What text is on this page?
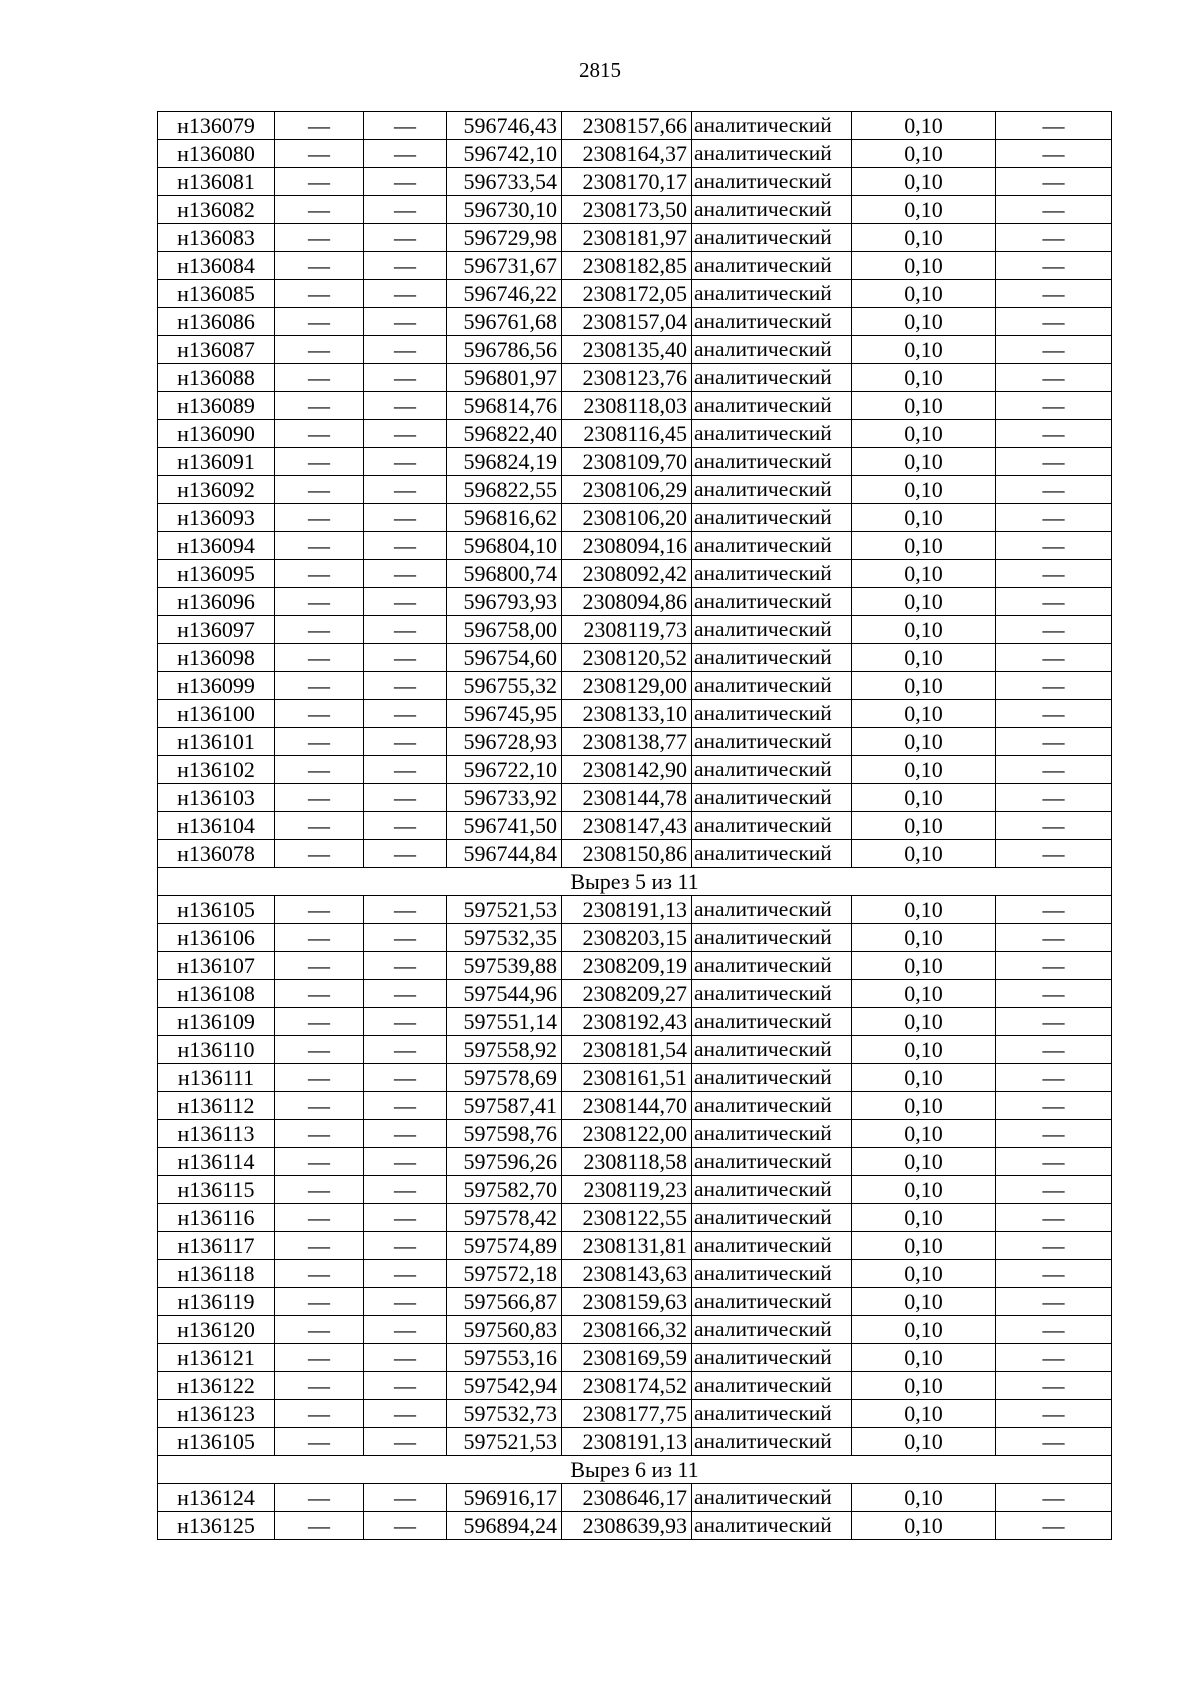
2815
н136079	—	—	596746,43	2308157,66	аналитический	0,10	—
н136080	—	—	596742,10	2308164,37	аналитический	0,10	—
н136081	—	—	596733,54	2308170,17	аналитический	0,10	—
н136082	—	—	596730,10	2308173,50	аналитический	0,10	—
н136083	—	—	596729,98	2308181,97	аналитический	0,10	—
н136084	—	—	596731,67	2308182,85	аналитический	0,10	—
н136085	—	—	596746,22	2308172,05	аналитический	0,10	—
н136086	—	—	596761,68	2308157,04	аналитический	0,10	—
н136087	—	—	596786,56	2308135,40	аналитический	0,10	—
н136088	—	—	596801,97	2308123,76	аналитический	0,10	—
н136089	—	—	596814,76	2308118,03	аналитический	0,10	—
н136090	—	—	596822,40	2308116,45	аналитический	0,10	—
н136091	—	—	596824,19	2308109,70	аналитический	0,10	—
н136092	—	—	596822,55	2308106,29	аналитический	0,10	—
н136093	—	—	596816,62	2308106,20	аналитический	0,10	—
н136094	—	—	596804,10	2308094,16	аналитический	0,10	—
н136095	—	—	596800,74	2308092,42	аналитический	0,10	—
н136096	—	—	596793,93	2308094,86	аналитический	0,10	—
н136097	—	—	596758,00	2308119,73	аналитический	0,10	—
н136098	—	—	596754,60	2308120,52	аналитический	0,10	—
н136099	—	—	596755,32	2308129,00	аналитический	0,10	—
н136100	—	—	596745,95	2308133,10	аналитический	0,10	—
н136101	—	—	596728,93	2308138,77	аналитический	0,10	—
н136102	—	—	596722,10	2308142,90	аналитический	0,10	—
н136103	—	—	596733,92	2308144,78	аналитический	0,10	—
н136104	—	—	596741,50	2308147,43	аналитический	0,10	—
н136078	—	—	596744,84	2308150,86	аналитический	0,10	—
Вырез 5 из 11							
н136105	—	—	597521,53	2308191,13	аналитический	0,10	—
н136106	—	—	597532,35	2308203,15	аналитический	0,10	—
н136107	—	—	597539,88	2308209,19	аналитический	0,10	—
н136108	—	—	597544,96	2308209,27	аналитический	0,10	—
н136109	—	—	597551,14	2308192,43	аналитический	0,10	—
н136110	—	—	597558,92	2308181,54	аналитический	0,10	—
н136111	—	—	597578,69	2308161,51	аналитический	0,10	—
н136112	—	—	597587,41	2308144,70	аналитический	0,10	—
н136113	—	—	597598,76	2308122,00	аналитический	0,10	—
н136114	—	—	597596,26	2308118,58	аналитический	0,10	—
н136115	—	—	597582,70	2308119,23	аналитический	0,10	—
н136116	—	—	597578,42	2308122,55	аналитический	0,10	—
н136117	—	—	597574,89	2308131,81	аналитический	0,10	—
н136118	—	—	597572,18	2308143,63	аналитический	0,10	—
н136119	—	—	597566,87	2308159,63	аналитический	0,10	—
н136120	—	—	597560,83	2308166,32	аналитический	0,10	—
н136121	—	—	597553,16	2308169,59	аналитический	0,10	—
н136122	—	—	597542,94	2308174,52	аналитический	0,10	—
н136123	—	—	597532,73	2308177,75	аналитический	0,10	—
н136105	—	—	597521,53	2308191,13	аналитический	0,10	—
Вырез 6 из 11							
н136124	—	—	596916,17	2308646,17	аналитический	0,10	—
н136125	—	—	596894,24	2308639,93	аналитический	0,10	—
